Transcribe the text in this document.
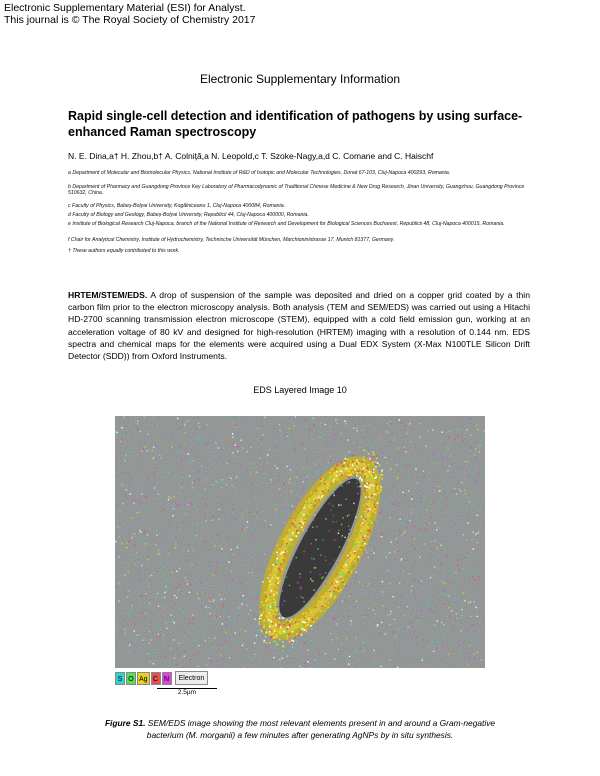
Electronic Supplementary Material (ESI) for Analyst.
This journal is © The Royal Society of Chemistry 2017
Electronic Supplementary Information
Rapid single-cell detection and identification of pathogens by using surface-enhanced Raman spectroscopy
N. E. Dina,a† H. Zhou,b† A. Colniță,a N. Leopold,c T. Szoke-Nagy,a,d C. Comane and C. Haischf
a Department of Molecular and Biomolecular Physics, National Institute of R&D of Isotopic and Molecular Technologies, Donat 67-103, Cluj-Napoca 400293, Romania.
b Department of Pharmacy and Guangdong Province Key Laboratory of Pharmacodynamic of Traditional Chinese Medicine & New Drug Research, Jinan University, Guangzhou, Guangdong Province 510632, China.
c Faculty of Physics, Babeș-Bolyai University, Kogălniceanu 1, Cluj-Napoca 400084, Romania.
d Faculty of Biology and Geology, Babeș-Bolyai University, Republicii 44, Cluj-Napoca 400000, Romania.
e Institute of Biological Research Cluj-Napoca, branch of the National Institute of Research and Development for Biological Sciences Bucharest, Republicii 48, Cluj-Napoca 400015, Romania.
f Chair for Analytical Chemistry, Institute of Hydrochemistry, Technische Universität München, Marchioninistrasse 17, Munich 81377, Germany.
† These authors equally contributed to this work.
HRTEM/STEM/EDS. A drop of suspension of the sample was deposited and dried on a copper grid coated by a thin carbon film prior to the electron microscopy analysis. Both analysis (TEM and SEM/EDS) was carried out using a Hitachi HD-2700 scanning transmission electron microscope (STEM), equipped with a cold field emission gun, working at an acceleration voltage of 80 kV and designed for high-resolution (HRTEM) imaging with a resolution of 0.144 nm. EDS spectra and chemical maps for the elements were acquired using a Dual EDX System (X-Max N100TLE Silicon Drift Detector (SDD)) from Oxford Instruments.
EDS Layered Image 10
S O Ag C N	Electron
2.5µm
Figure S1. SEM/EDS image showing the most relevant elements present in and around a Gram-negative bacterium (M. morganii) a few minutes after generating AgNPs by in situ synthesis.
